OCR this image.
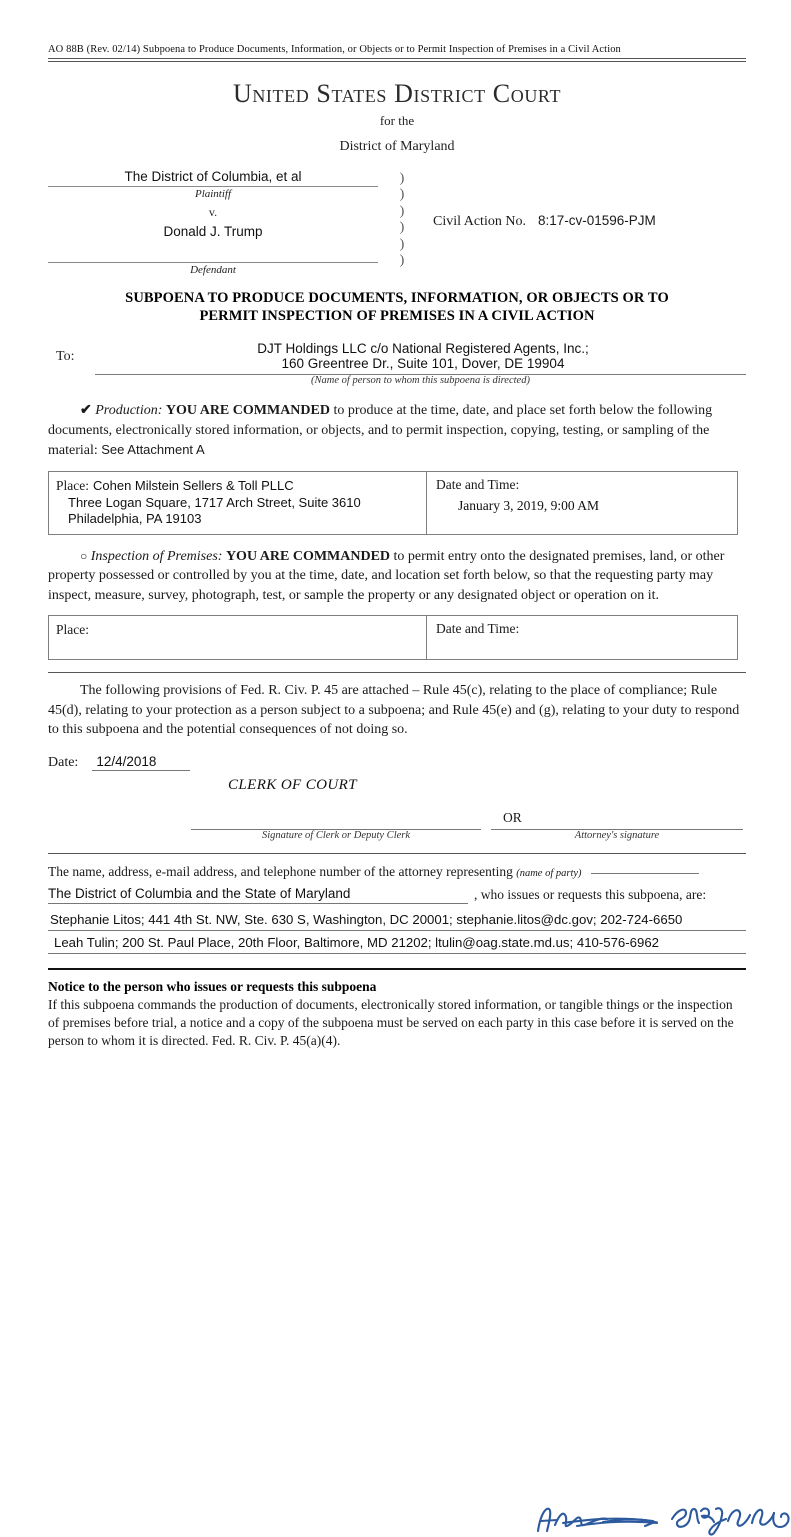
AO 88B (Rev. 02/14) Subpoena to Produce Documents, Information, or Objects or to Permit Inspection of Premises in a Civil Action
United States District Court
for the
District of Maryland
The District of Columbia, et al
Plaintiff
v.
Donald J. Trump
Defendant
)
)
)
)
)
)
Civil Action No. 8:17-cv-01596-PJM
SUBPOENA TO PRODUCE DOCUMENTS, INFORMATION, OR OBJECTS OR TO
PERMIT INSPECTION OF PREMISES IN A CIVIL ACTION
To:
DJT Holdings LLC c/o National Registered Agents, Inc.;
160 Greentree Dr., Suite 101, Dover, DE 19904
(Name of person to whom this subpoena is directed)
✔ Production: YOU ARE COMMANDED to produce at the time, date, and place set forth below the following documents, electronically stored information, or objects, and to permit inspection, copying, testing, or sampling of the material: See Attachment A
Place: Cohen Milstein Sellers & Toll PLLC
Three Logan Square, 1717 Arch Street, Suite 3610
Philadelphia, PA 19103
Date and Time:
January 3, 2019, 9:00 AM
○ Inspection of Premises: YOU ARE COMMANDED to permit entry onto the designated premises, land, or other property possessed or controlled by you at the time, date, and location set forth below, so that the requesting party may inspect, measure, survey, photograph, test, or sample the property or any designated object or operation on it.
Place:	Date and Time:
The following provisions of Fed. R. Civ. P. 45 are attached – Rule 45(c), relating to the place of compliance; Rule 45(d), relating to your protection as a person subject to a subpoena; and Rule 45(e) and (g), relating to your duty to respond to this subpoena and the potential consequences of not doing so.
Date: 12/4/2018
CLERK OF COURT
OR
Signature of Clerk or Deputy Clerk	Attorney's signature
The name, address, e-mail address, and telephone number of the attorney representing (name of party)
The District of Columbia and the State of Maryland	, who issues or requests this subpoena, are:
Stephanie Litos; 441 4th St. NW, Ste. 630 S, Washington, DC 20001; stephanie.litos@dc.gov; 202-724-6650
Leah Tulin; 200 St. Paul Place, 20th Floor, Baltimore, MD 21202; ltulin@oag.state.md.us; 410-576-6962
Notice to the person who issues or requests this subpoena
If this subpoena commands the production of documents, electronically stored information, or tangible things or the inspection of premises before trial, a notice and a copy of the subpoena must be served on each party in this case before it is served on the person to whom it is directed. Fed. R. Civ. P. 45(a)(4).
